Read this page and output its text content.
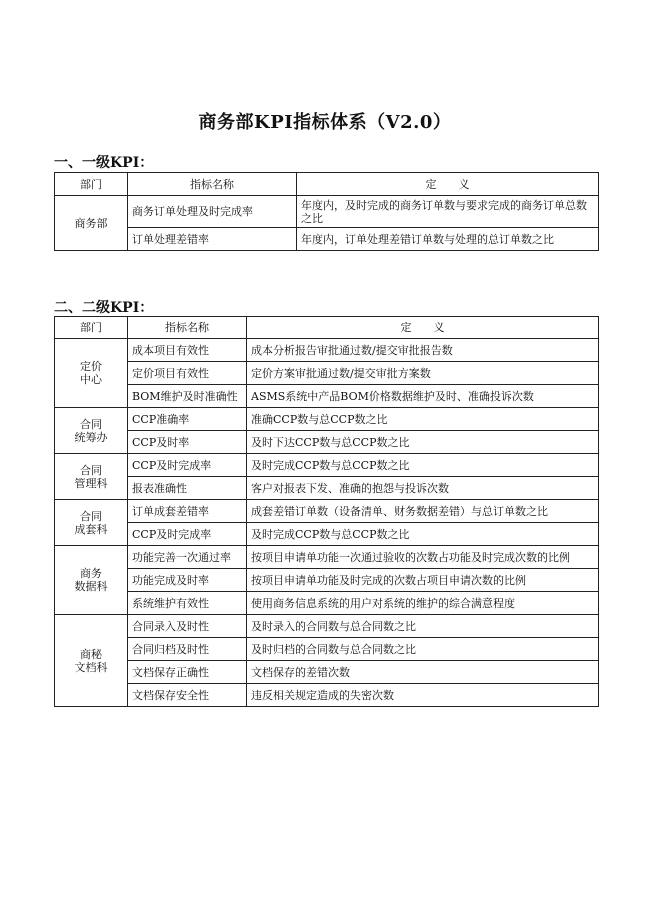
商务部KPI指标体系（V2.0）
一、一级KPI：
部门	指标名称	定　　义
商务部	商务订单处理及时完成率	年度内，及时完成的商务订单数与要求完成的商务订单总数之比
	订单处理差错率	年度内，订单处理差错订单数与处理的总订单数之比
二、二级KPI：
部门	指标名称	定　　义
定价
中心	成本项目有效性	成本分析报告审批通过数/提交审批报告数
	定价项目有效性	定价方案审批通过数/提交审批方案数
	BOM维护及时准确性	ASMS系统中产品BOM价格数据维护及时、准确投诉次数
合同
统筹办	CCP准确率	准确CCP数与总CCP数之比
	CCP及时率	及时下达CCP数与总CCP数之比
合同
管理科	CCP及时完成率	及时完成CCP数与总CCP数之比
	报表准确性	客户对报表下发、准确的抱怨与投诉次数
合同
成套科	订单成套差错率	成套差错订单数（设备清单、财务数据差错）与总订单数之比
	CCP及时完成率	及时完成CCP数与总CCP数之比
商务
数据科	功能完善一次通过率	按项目申请单功能一次通过验收的次数占功能及时完成次数的比例
	功能完成及时率	按项目申请单功能及时完成的次数占项目申请次数的比例
	系统维护有效性	使用商务信息系统的用户对系统的维护的综合满意程度
商秘
文档科	合同录入及时性	及时录入的合同数与总合同数之比
	合同归档及时性	及时归档的合同数与总合同数之比
	文档保存正确性	文档保存的差错次数
	文档保存安全性	违反相关规定造成的失密次数
